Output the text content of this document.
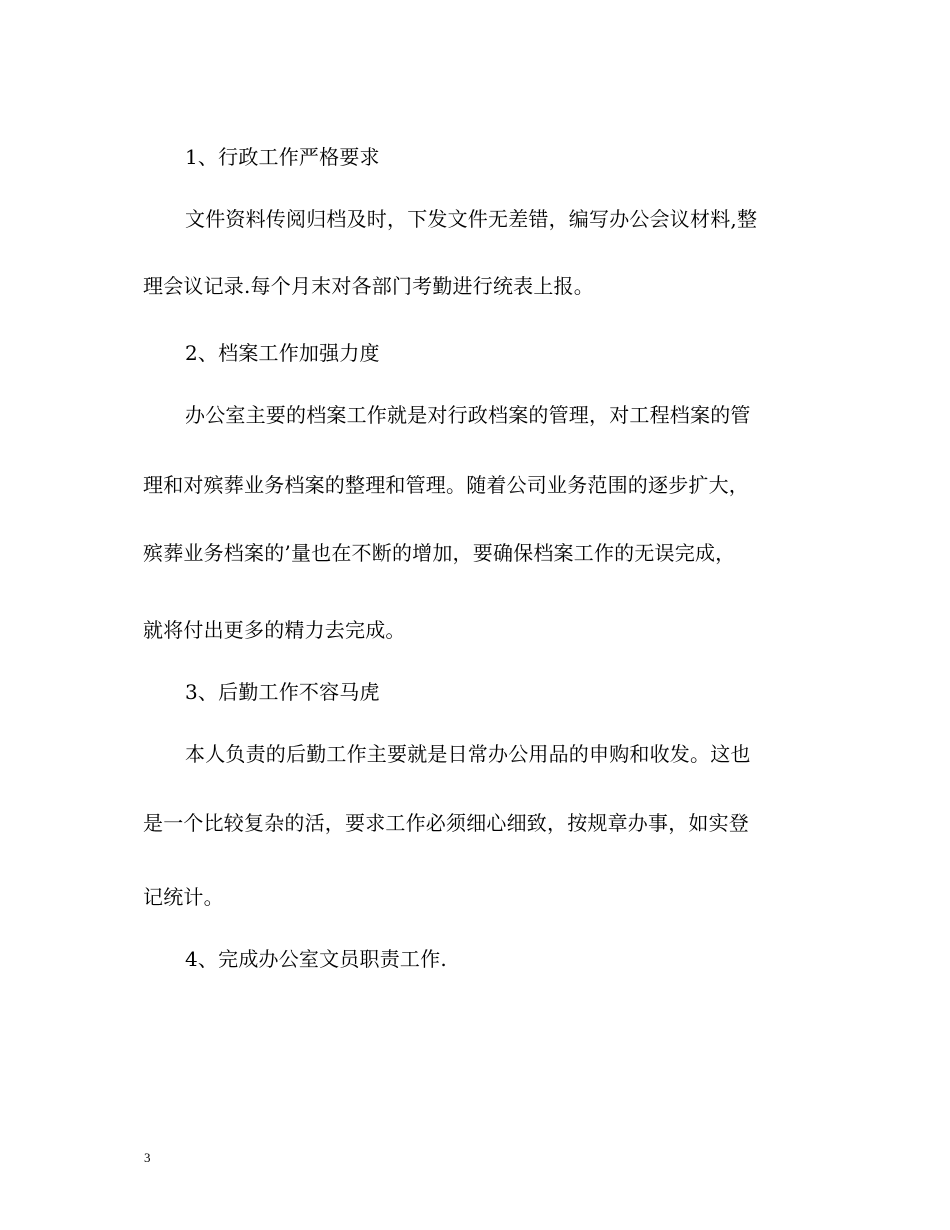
1、行政工作严格要求
文件资料传阅归档及时，下发文件无差错，编写办公会议材料,整
理会议记录.每个月末对各部门考勤进行统表上报。
2、档案工作加强力度
办公室主要的档案工作就是对行政档案的管理，对工程档案的管
理和对殡葬业务档案的整理和管理。随着公司业务范围的逐步扩大，
殡葬业务档案的’量也在不断的增加，要确保档案工作的无误完成，
就将付出更多的精力去完成。
3、后勤工作不容马虎
本人负责的后勤工作主要就是日常办公用品的申购和收发。这也
是一个比较复杂的活，要求工作必须细心细致，按规章办事，如实登
记统计。
4、完成办公室文员职责工作.
3
